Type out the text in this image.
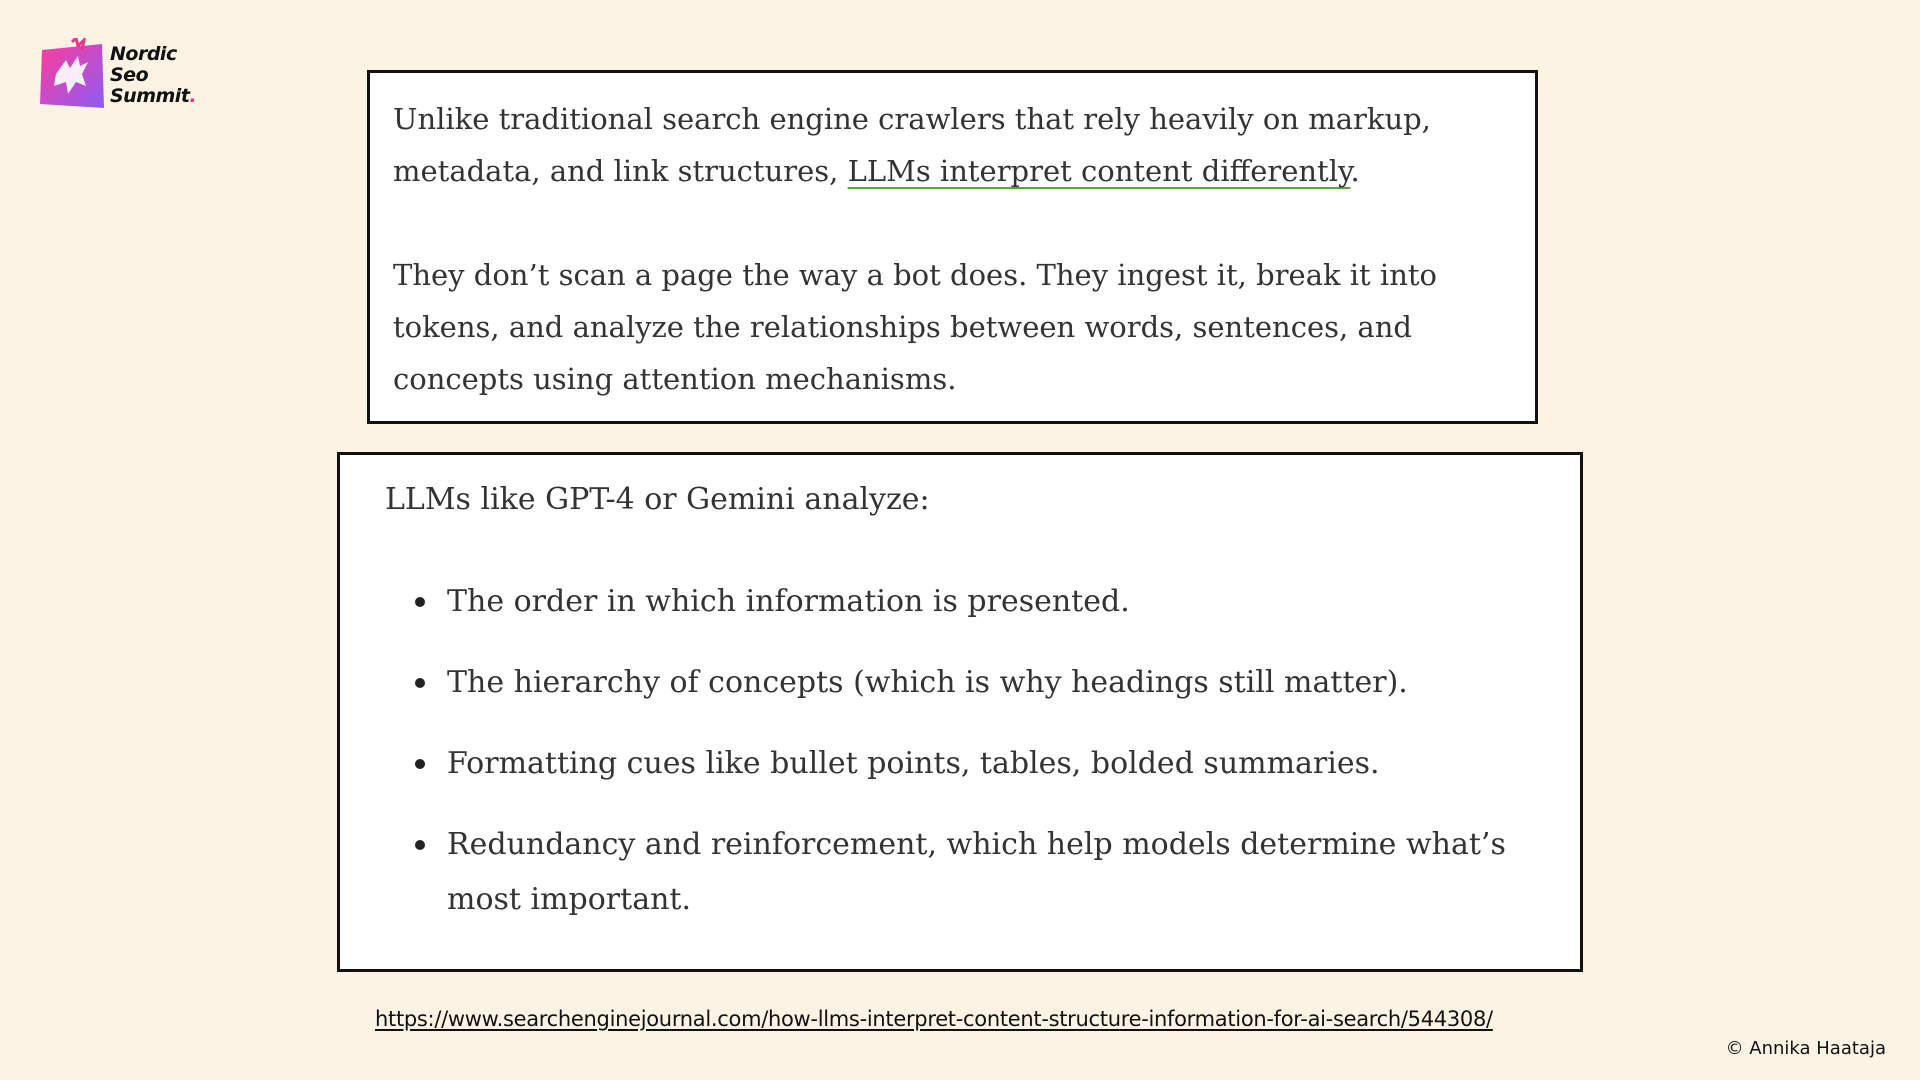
Nordic
Seo
Summit.

Unlike traditional search engine crawlers that rely heavily on markup, metadata, and link structures, LLMs interpret content differently.

They don’t scan a page the way a bot does. They ingest it, break it into tokens, and analyze the relationships between words, sentences, and concepts using attention mechanisms.

LLMs like GPT-4 or Gemini analyze:

The order in which information is presented.
The hierarchy of concepts (which is why headings still matter).
Formatting cues like bullet points, tables, bolded summaries.
Redundancy and reinforcement, which help models determine what’s most important.
https://www.searchenginejournal.com/how-llms-interpret-content-structure-information-for-ai-search/544308/
© Annika Haataja
